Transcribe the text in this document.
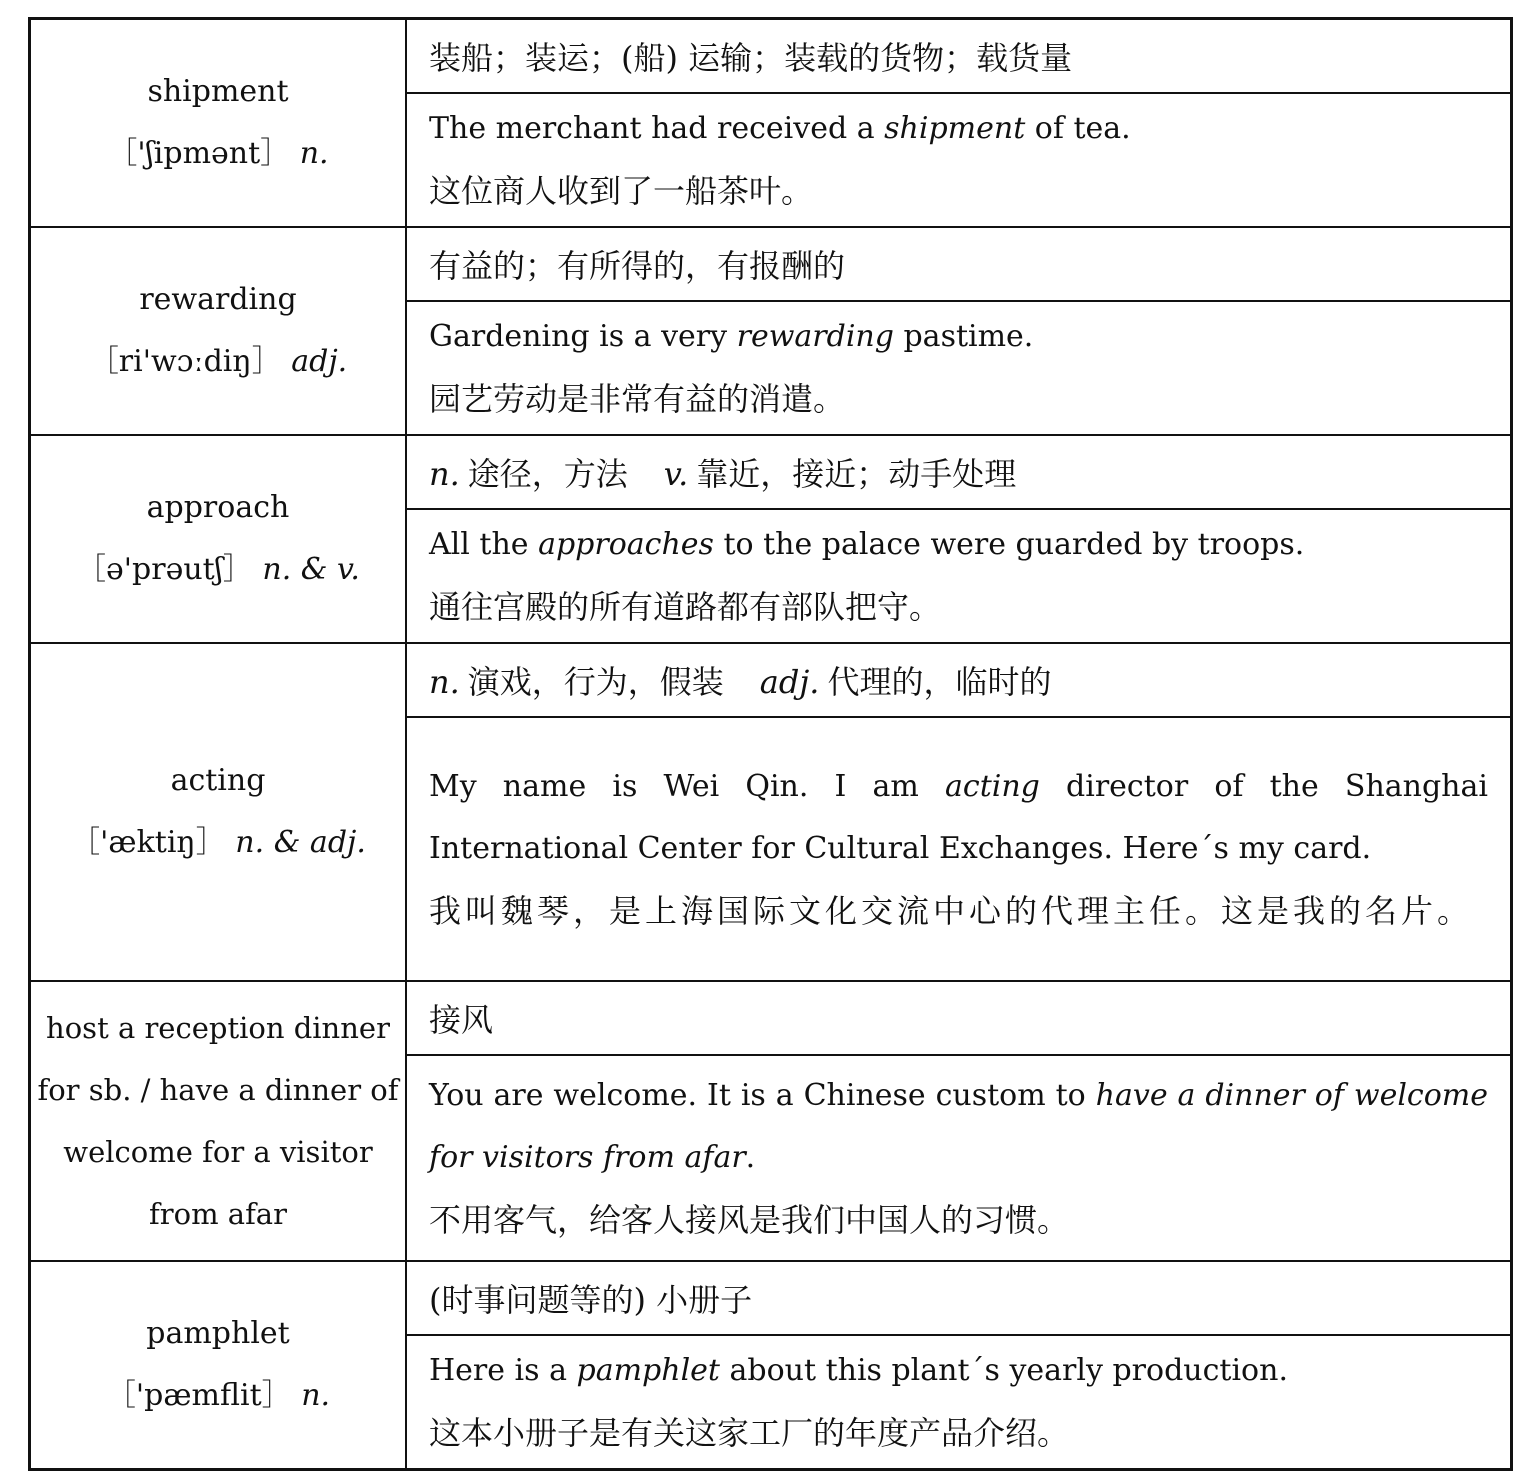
shipment
［'ʃipmənt］ n.	装船；装运；(船) 运输；装载的货物；载货量

	The merchant had received a shipment of tea.
这位商人收到了一船茶叶。

rewarding
［ri'wɔːdiŋ］ adj.	有益的；有所得的，有报酬的

	Gardening is a very rewarding pastime.
园艺劳动是非常有益的消遣。

approach
［ə'prəutʃ］ n. & v.	n. 途径，方法 v. 靠近，接近；动手处理

	All the approaches to the palace were guarded by troops.
通往宫殿的所有道路都有部队把守。

acting
［'æktiŋ］ n. & adj.	n. 演戏，行为，假装 adj. 代理的，临时的

	My name is Wei Qin. I am acting director of the Shanghai International Center for Cultural Exchanges. Here´s my card.
我叫魏琴，是上海国际文化交流中心的代理主任。这是我的名片。

host a reception dinner for sb. / have a dinner of welcome for a visitor from afar	接风

	You are welcome. It is a Chinese custom to have a dinner of welcome for visitors from afar.
不用客气，给客人接风是我们中国人的习惯。

pamphlet
［'pæmflit］ n.	(时事问题等的) 小册子

	Here is a pamphlet about this plant´s yearly production.
这本小册子是有关这家工厂的年度产品介绍。
